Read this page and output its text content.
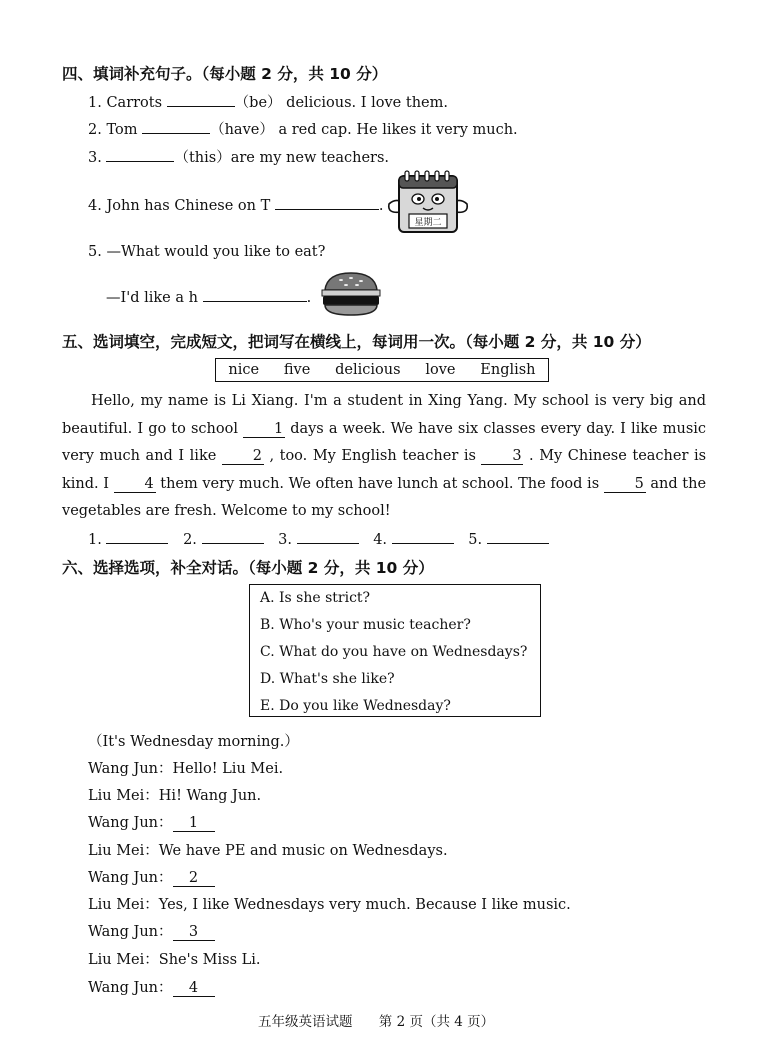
四、填词补充句子。（每小题 2 分，共 10 分）
1. Carrots	（be） delicious. I love them.
2. Tom	（have） a red cap. He likes it very much.
3.	（this）are my new teachers.
4. John has Chinese on T	.
星期二
5. —What would you like to eat?
—I'd like a h	.
五、选词填空，完成短文，把词写在横线上，每词用一次。（每小题 2 分，共 10 分）
nice five delicious love English

Hello, my name is Li Xiang. I'm a student in Xing Yang. My school is very big and beautiful. I go to school 1 days a week. We have six classes every day. I like music very much and I like	2 , too. My English teacher is	3 . My Chinese teacher is kind. I 4 them very much. We often have lunch at school. The food is 5 and the vegetables are fresh. Welcome to my school!

1.	2.	3.	4.	5.
六、选择选项，补全对话。（每小题 2 分，共 10 分）
A. Is she strict?
B. Who's your music teacher?
C. What do you have on Wednesdays?
D. What's she like?
E. Do you like Wednesday?
（It's Wednesday morning.）
Wang Jun：Hello! Liu Mei.
Liu Mei：Hi! Wang Jun.
Wang Jun： 1
Liu Mei：We have PE and music on Wednesdays.
Wang Jun： 2
Liu Mei：Yes, I like Wednesdays very much. Because I like music.
Wang Jun： 3
Liu Mei：She's Miss Li.
Wang Jun： 4
五年级英语试题 第 2 页（共 4 页）
